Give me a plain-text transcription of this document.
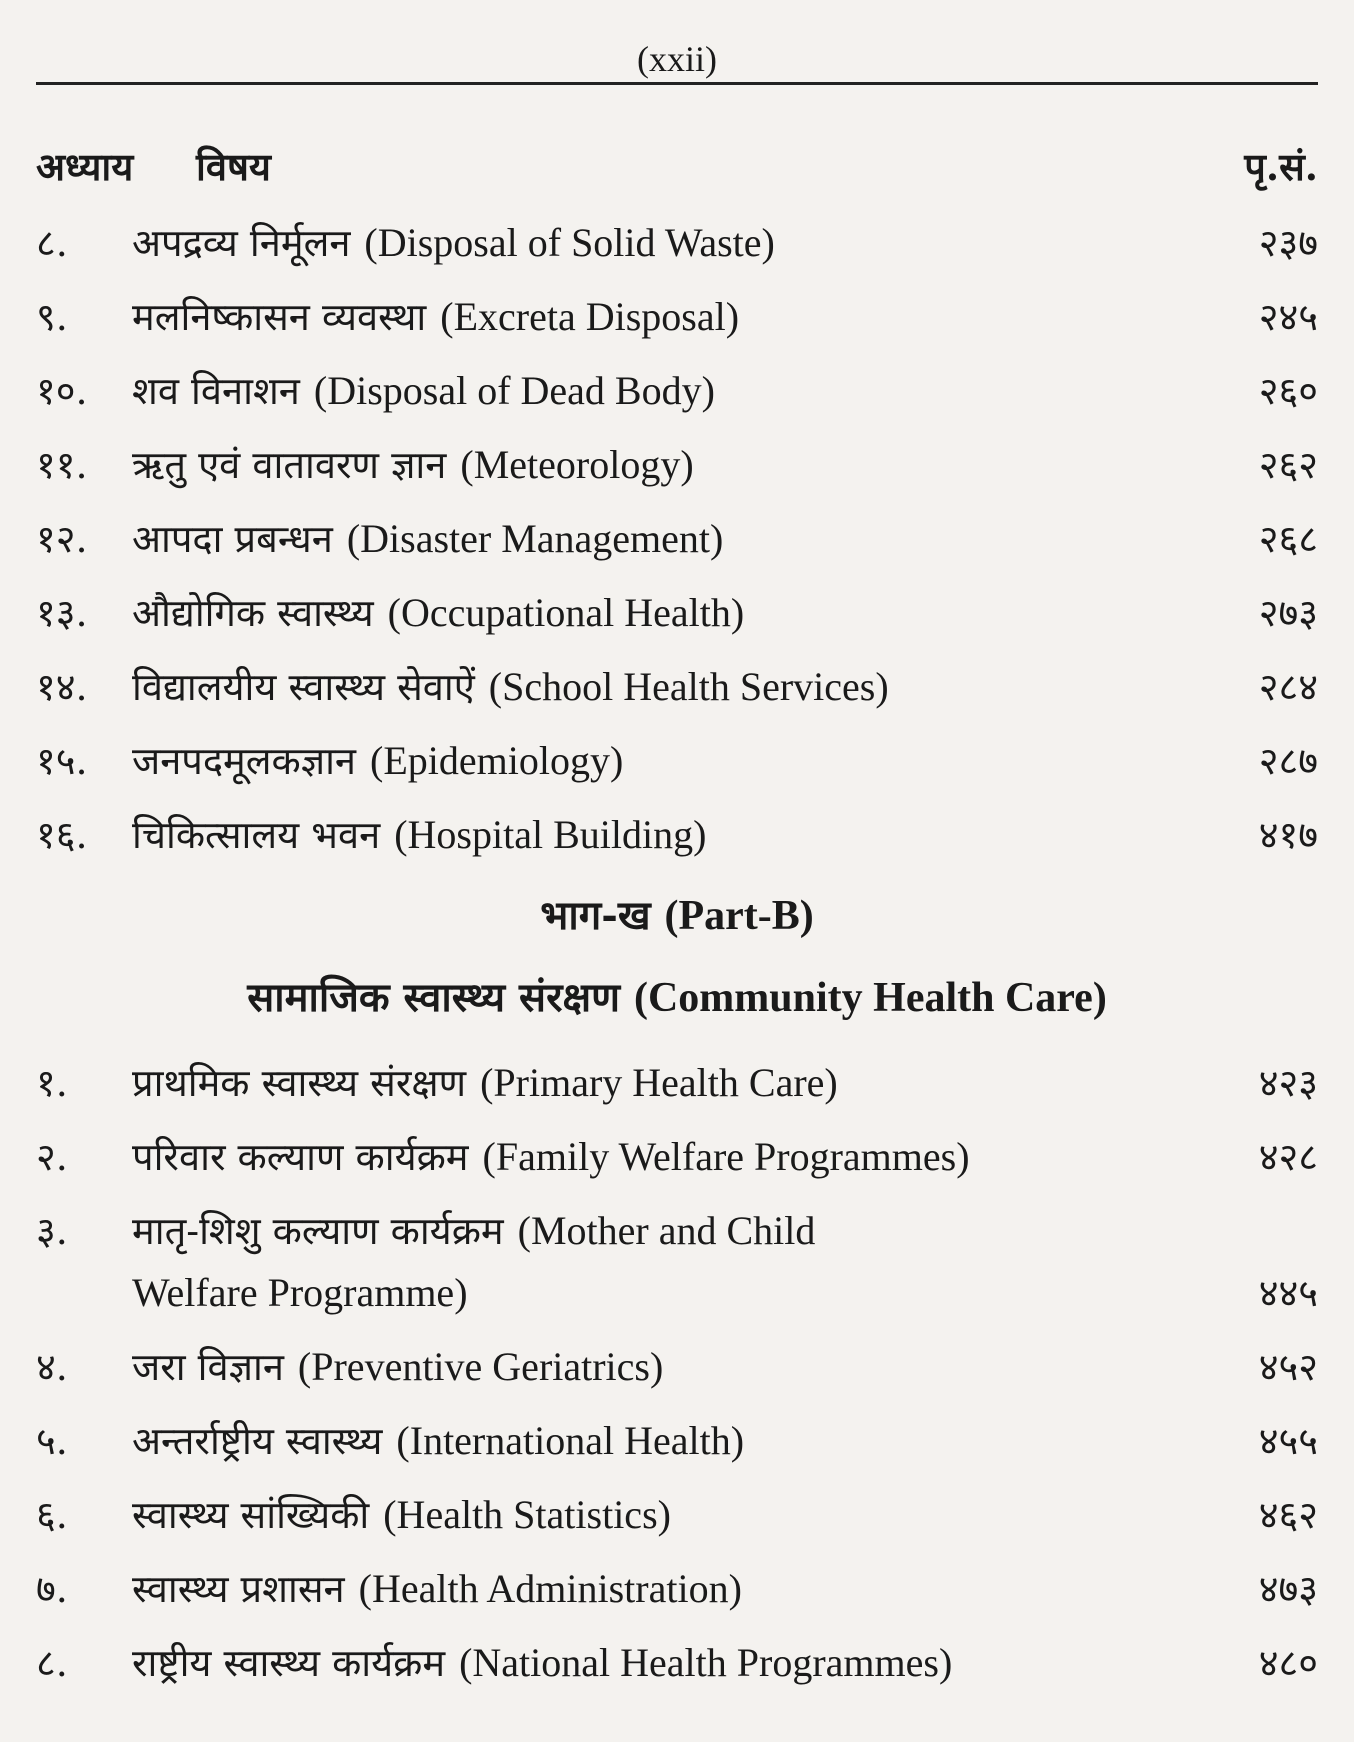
(xxii)
अध्याय विषय	पृ.सं.
८.	अपद्रव्य निर्मूलन (Disposal of Solid Waste)	२३७
९.	मलनिष्कासन व्यवस्था (Excreta Disposal)	२४५
१०.	शव विनाशन (Disposal of Dead Body)	२६०
११.	ऋतु एवं वातावरण ज्ञान (Meteorology)	२६२
१२.	आपदा प्रबन्धन (Disaster Management)	२६८
१३.	औद्योगिक स्वास्थ्य (Occupational Health)	२७३
१४.	विद्यालयीय स्वास्थ्य सेवाऐं (School Health Services)	२८४
१५.	जनपदमूलकज्ञान (Epidemiology)	२८७
१६.	चिकित्सालय भवन (Hospital Building)	४१७
भाग-ख (Part-B)
सामाजिक स्वास्थ्य संरक्षण (Community Health Care)
१.	प्राथमिक स्वास्थ्य संरक्षण (Primary Health Care)	४२३
२.	परिवार कल्याण कार्यक्रम (Family Welfare Programmes)	४२८
३.	मातृ-शिशु कल्याण कार्यक्रम (Mother and Child
Welfare Programme)	४४५
४.	जरा विज्ञान (Preventive Geriatrics)	४५२
५.	अन्तर्राष्ट्रीय स्वास्थ्य (International Health)	४५५
६.	स्वास्थ्य सांख्यिकी (Health Statistics)	४६२
७.	स्वास्थ्य प्रशासन (Health Administration)	४७३
८.	राष्ट्रीय स्वास्थ्य कार्यक्रम (National Health Programmes)	४८०
